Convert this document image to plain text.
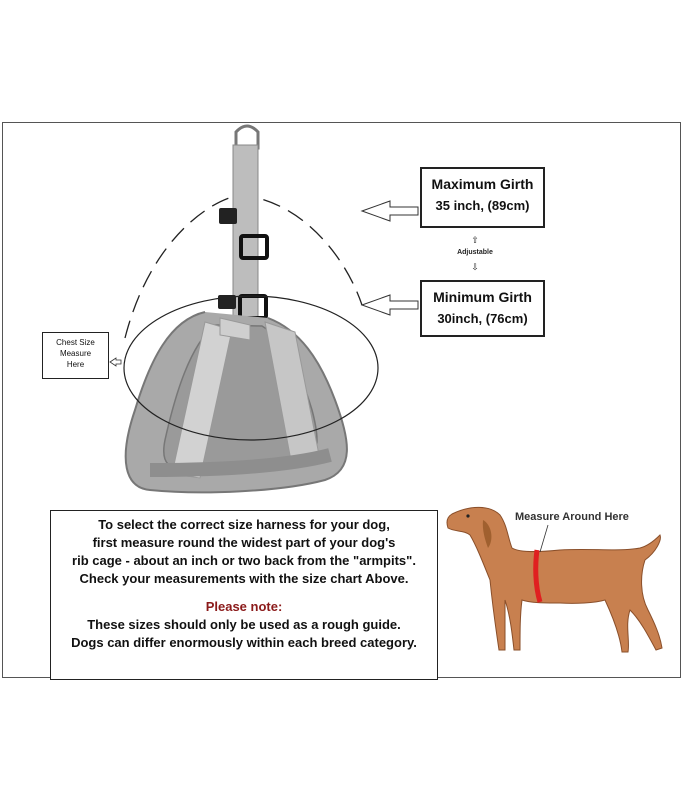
Maximum Girth
35 inch, (89cm)
⇧
Adjustable
⇩
Minimum Girth
30inch, (76cm)
Chest Size
Measure
Here
To select the correct size harness for your dog,
first measure round the widest part of your dog's
rib cage - about an inch or two back from the "armpits".
Check your measurements with the size chart Above.
Please note:
These sizes should only be used as a rough guide.
Dogs can differ enormously within each breed category.
Measure Around Here
